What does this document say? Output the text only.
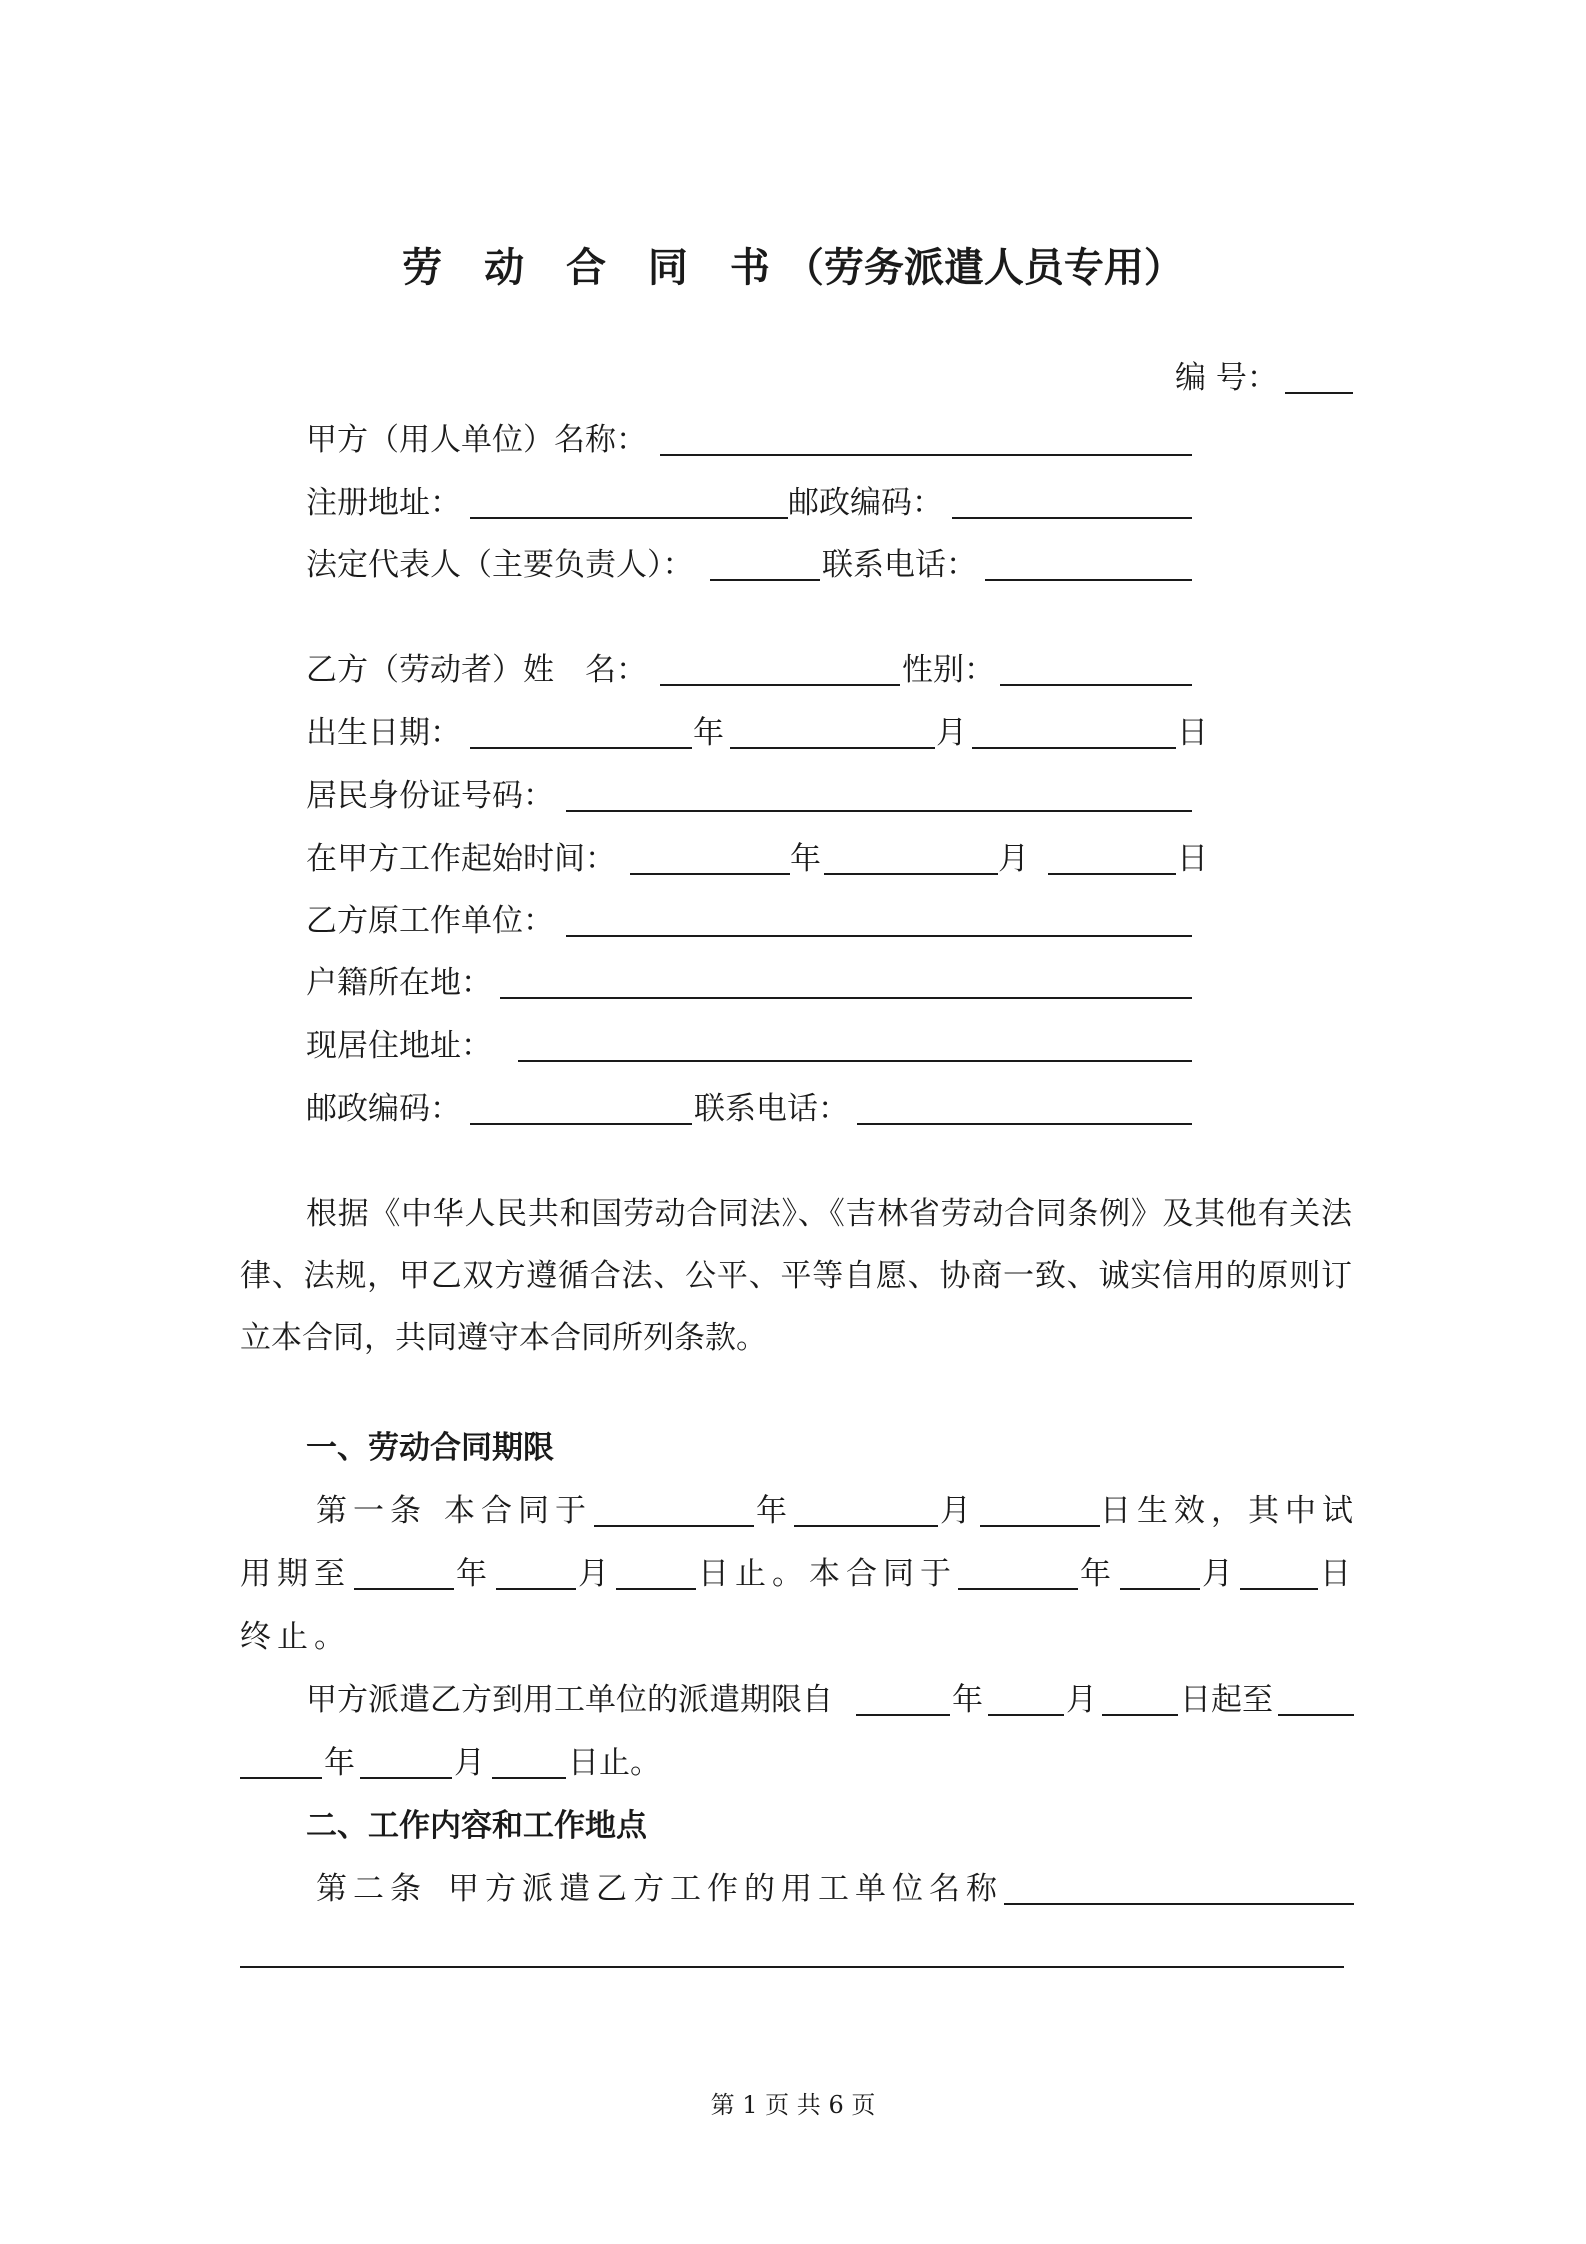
劳 动 合 同 书（劳务派遣人员专用）
编 号：
甲方（用人单位）名称：
注册地址：	邮政编码：
法定代表人（主要负责人）：	联系电话：
乙方（劳动者）姓　名：	性别：
出生日期：	年	月	日
居民身份证号码：
在甲方工作起始时间：	年	月	日
乙方原工作单位：
户籍所在地：
现居住地址：
邮政编码：	联系电话：
根据《中华人民共和国劳动合同法》、《吉林省劳动合同条例》及其他有关法律、法规，甲乙双方遵循合法、公平、平等自愿、协商一致、诚实信用的原则订立本合同，共同遵守本合同所列条款。
一、劳动合同期限
第一条 本合同于	年	月	日生效，其中试
用期至	年	月	日止。本合同于	年	月	日
终止。
甲方派遣乙方到用工单位的派遣期限自	年	月	日起至
年	月	日止。
二、工作内容和工作地点
第二条 甲方派遣乙方工作的用工单位名称
第 1 页 共 6 页
